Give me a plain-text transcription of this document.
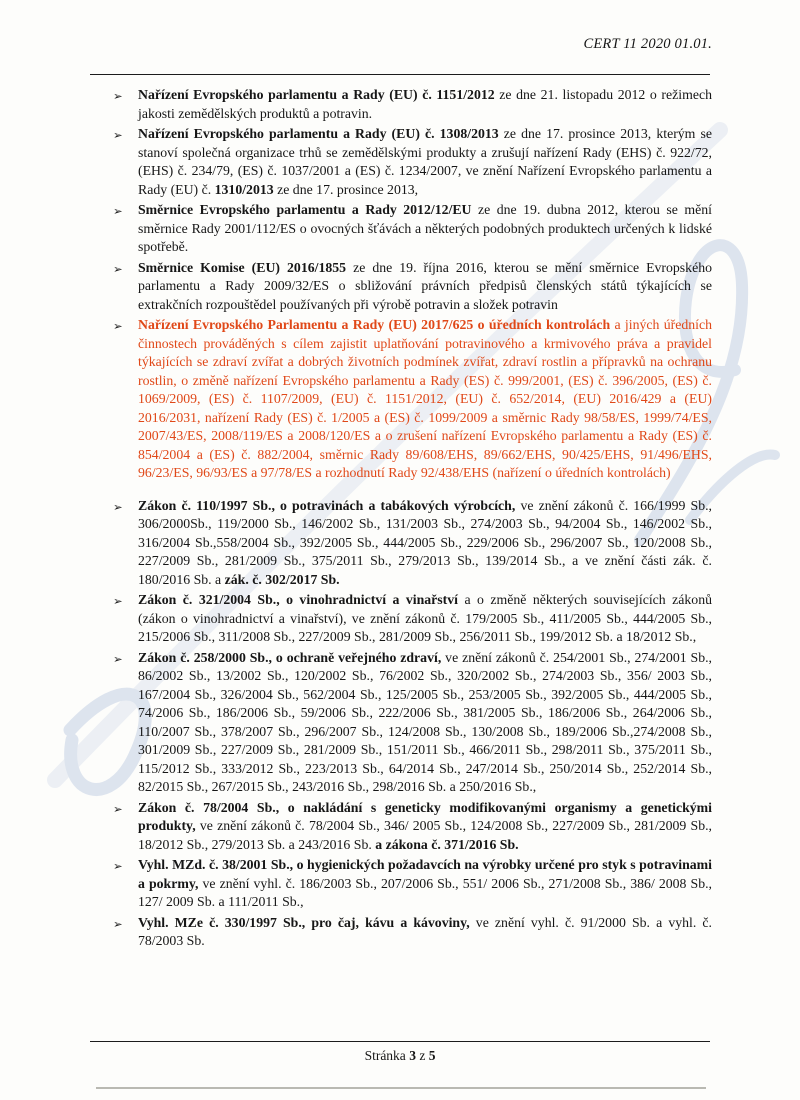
CERT 11 2020 01.01.
➢ Nařízení Evropského parlamentu a Rady (EU) č. 1151/2012 ze dne 21. listopadu 2012 o režimech jakosti zemědělských produktů a potravin.
➢ Nařízení Evropského parlamentu a Rady (EU) č. 1308/2013 ze dne 17. prosince 2013, kterým se stanoví společná organizace trhů se zemědělskými produkty a zrušují nařízení Rady (EHS) č. 922/72, (EHS) č. 234/79, (ES) č. 1037/2001 a (ES) č. 1234/2007, ve znění Nařízení Evropského parlamentu a Rady (EU) č. 1310/2013 ze dne 17. prosince 2013,
➢ Směrnice Evropského parlamentu a Rady 2012/12/EU ze dne 19. dubna 2012, kterou se mění směrnice Rady 2001/112/ES o ovocných šťávách a některých podobných produktech určených k lidské spotřebě.
➢ Směrnice Komise (EU) 2016/1855 ze dne 19. října 2016, kterou se mění směrnice Evropského parlamentu a Rady 2009/32/ES o sbližování právních předpisů členských států týkajících se extrakčních rozpouštědel používaných při výrobě potravin a složek potravin
➢ Nařízení Evropského Parlamentu a Rady (EU) 2017/625 o úředních kontrolách a jiných úředních činnostech prováděných s cílem zajistit uplatňování potravinového a krmivového práva a pravidel týkajících se zdraví zvířat a dobrých životních podmínek zvířat, zdraví rostlin a přípravků na ochranu rostlin, o změně nařízení Evropského parlamentu a Rady (ES) č. 999/2001, (ES) č. 396/2005, (ES) č. 1069/2009, (ES) č. 1107/2009, (EU) č. 1151/2012, (EU) č. 652/2014, (EU) 2016/429 a (EU) 2016/2031, nařízení Rady (ES) č. 1/2005 a (ES) č. 1099/2009 a směrnic Rady 98/58/ES, 1999/74/ES, 2007/43/ES, 2008/119/ES a 2008/120/ES a o zrušení nařízení Evropského parlamentu a Rady (ES) č. 854/2004 a (ES) č. 882/2004, směrnic Rady 89/608/EHS, 89/662/EHS, 90/425/EHS, 91/496/EHS, 96/23/ES, 96/93/ES a 97/78/ES a rozhodnutí Rady 92/438/EHS (nařízení o úředních kontrolách)
➢ Zákon č. 110/1997 Sb., o potravinách a tabákových výrobcích, ve znění zákonů č. 166/1999 Sb., 306/2000Sb., 119/2000 Sb., 146/2002 Sb., 131/2003 Sb., 274/2003 Sb., 94/2004 Sb., 146/2002 Sb., 316/2004 Sb.,558/2004 Sb., 392/2005 Sb., 444/2005 Sb., 229/2006 Sb., 296/2007 Sb., 120/2008 Sb., 227/2009 Sb., 281/2009 Sb., 375/2011 Sb., 279/2013 Sb., 139/2014 Sb., a ve znění části zák. č. 180/2016 Sb. a zák. č. 302/2017 Sb.
➢ Zákon č. 321/2004 Sb., o vinohradnictví a vinařství a o změně některých souvisejících zákonů (zákon o vinohradnictví a vinařství), ve znění zákonů č. 179/2005 Sb., 411/2005 Sb., 444/2005 Sb., 215/2006 Sb., 311/2008 Sb., 227/2009 Sb., 281/2009 Sb., 256/2011 Sb., 199/2012 Sb. a 18/2012 Sb.,
➢ Zákon č. 258/2000 Sb., o ochraně veřejného zdraví, ve znění zákonů č. 254/2001 Sb., 274/2001 Sb., 86/2002 Sb., 13/2002 Sb., 120/2002 Sb., 76/2002 Sb., 320/2002 Sb., 274/2003 Sb., 356/ 2003 Sb., 167/2004 Sb., 326/2004 Sb., 562/2004 Sb., 125/2005 Sb., 253/2005 Sb., 392/2005 Sb., 444/2005 Sb., 74/2006 Sb., 186/2006 Sb., 59/2006 Sb., 222/2006 Sb., 381/2005 Sb., 186/2006 Sb., 264/2006 Sb., 110/2007 Sb., 378/2007 Sb., 296/2007 Sb., 124/2008 Sb., 130/2008 Sb., 189/2006 Sb.,274/2008 Sb., 301/2009 Sb., 227/2009 Sb., 281/2009 Sb., 151/2011 Sb., 466/2011 Sb., 298/2011 Sb., 375/2011 Sb., 115/2012 Sb., 333/2012 Sb., 223/2013 Sb., 64/2014 Sb., 247/2014 Sb., 250/2014 Sb., 252/2014 Sb., 82/2015 Sb., 267/2015 Sb., 243/2016 Sb., 298/2016 Sb. a 250/2016 Sb.,
➢ Zákon č. 78/2004 Sb., o nakládání s geneticky modifikovanými organismy a genetickými produkty, ve znění zákonů č. 78/2004 Sb., 346/ 2005 Sb., 124/2008 Sb., 227/2009 Sb., 281/2009 Sb., 18/2012 Sb., 279/2013 Sb. a 243/2016 Sb. a zákona č. 371/2016 Sb.
➢ Vyhl. MZd. č. 38/2001 Sb., o hygienických požadavcích na výrobky určené pro styk s potravinami a pokrmy, ve znění vyhl. č. 186/2003 Sb., 207/2006 Sb., 551/ 2006 Sb., 271/2008 Sb., 386/ 2008 Sb., 127/ 2009 Sb. a 111/2011 Sb.,
➢ Vyhl. MZe č. 330/1997 Sb., pro čaj, kávu a kávoviny, ve znění vyhl. č. 91/2000 Sb. a vyhl. č. 78/2003 Sb.
Stránka 3 z 5
